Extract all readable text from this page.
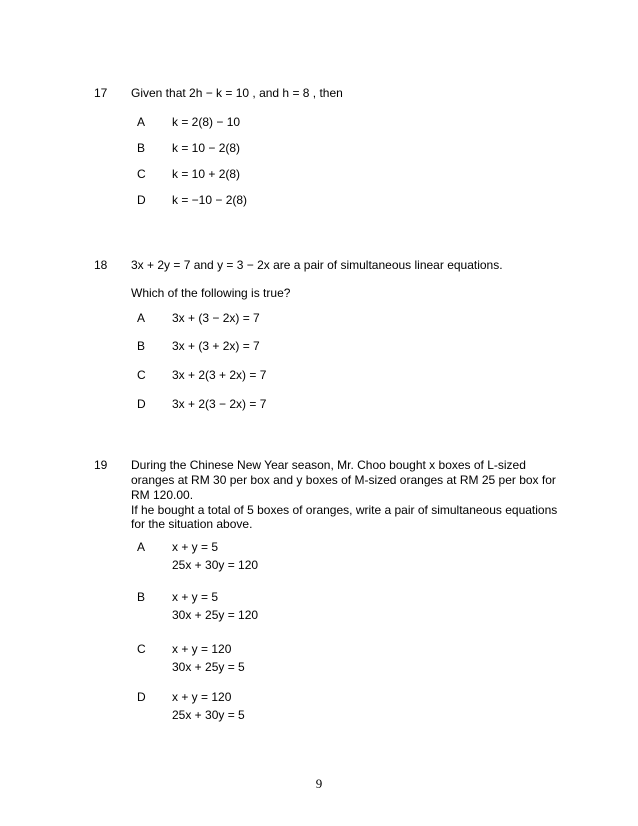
17 Given that 2h − k = 10 , and h = 8 , then
A k = 2(8) − 10
B k = 10 − 2(8)
C k = 10 + 2(8)
D k = −10 − 2(8)
18 3x + 2y = 7 and y = 3 − 2x are a pair of simultaneous linear equations.
Which of the following is true?
A 3x + (3 − 2x) = 7
B 3x + (3 + 2x) = 7
C 3x + 2(3 + 2x) = 7
D 3x + 2(3 − 2x) = 7
19 During the Chinese New Year season, Mr. Choo bought x boxes of L-sized
oranges at RM 30 per box and y boxes of M-sized oranges at RM 25 per box for
RM 120.00.
If he bought a total of 5 boxes of oranges, write a pair of simultaneous equations
for the situation above.
A x + y = 5
25x + 30y = 120
B x + y = 5
30x + 25y = 120
C x + y = 120
30x + 25y = 5
D x + y = 120
25x + 30y = 5
9
